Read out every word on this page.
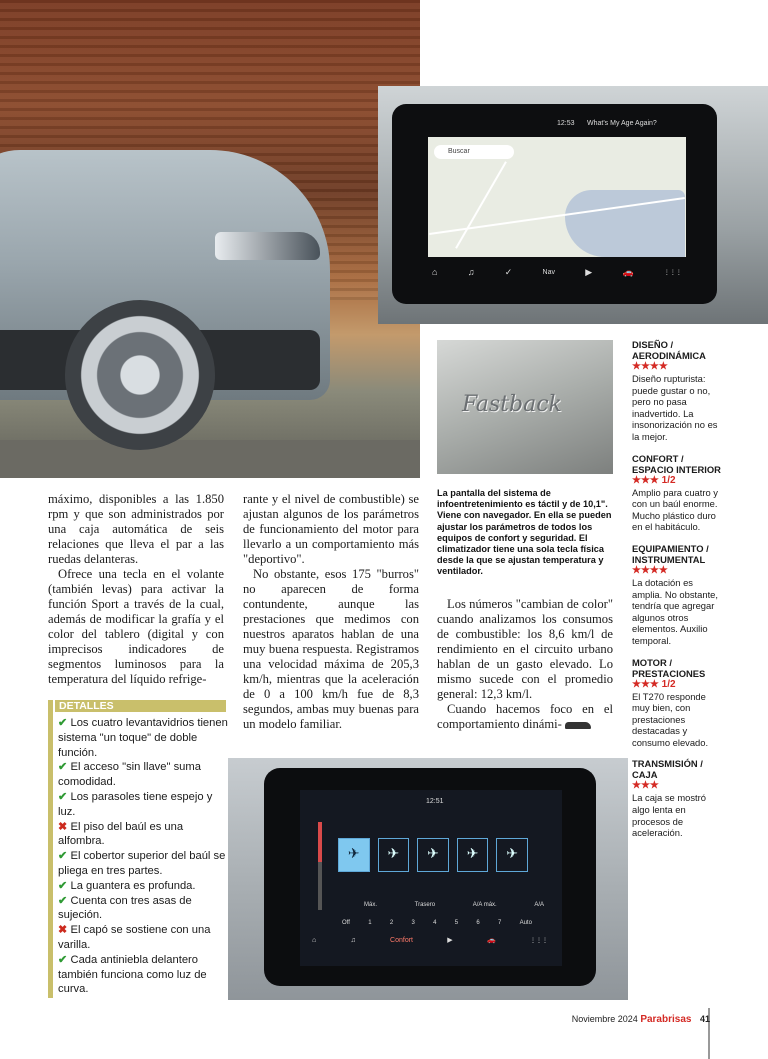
12:53 What's My Age Again?
Buscar
⌂	♫	✓	Nav	▶	🚗	⋮⋮⋮
Fastback
La pantalla del sistema de infoentretenimiento es táctil y de 10,1". Viene con navegador. En ella se pueden ajustar los parámetros de todos los equipos de confort y seguridad. El climatizador tiene una sola tecla física desde la que se ajustan temperatura y ventilador.

máximo, disponibles a las 1.850 rpm y que son administrados por una caja automática de seis relaciones que lleva el par a las ruedas delanteras.

Ofrece una tecla en el volante (también levas) para activar la función Sport a través de la cual, además de modificar la grafía y el color del tablero (digital y con imprecisos indicadores de segmentos luminosos para la temperatura del líquido refrige-

rante y el nivel de combustible) se ajustan algunos de los parámetros de funcionamiento del motor para llevarlo a un comportamiento más "deportivo".

No obstante, esos 175 "burros" no aparecen de forma contundente, aunque las prestaciones que medimos con nuestros aparatos hablan de una muy buena respuesta. Registramos una velocidad máxima de 205,3 km/h, mientras que la aceleración de 0 a 100 km/h fue de 8,3 segundos, ambas muy buenas para un modelo familiar.

Los números "cambian de color" cuando analizamos los consumos de combustible: los 8,6 km/l de rendimiento en el circuito urbano hablan de un gasto elevado. Lo mismo sucede con el promedio general: 12,3 km/l.

Cuando hacemos foco en el comportamiento dinámi-

12:51
✈	✈	✈	✈	✈
Máx.	Trasero	A/A máx.	A/A
Off	1	2	3	4	5	6	7	Auto
⌂	♫	Confort	▶	🚗	⋮⋮⋮
DETALLES

✔ Los cuatro levantavidrios tienen sistema "un toque" de doble función.

✔ El acceso "sin llave" suma comodidad.

✔ Los parasoles tiene espejo y luz.

✖ El piso del baúl es una alfombra.

✔ El cobertor superior del baúl se pliega en tres partes.

✔ La guantera es profunda.

✔ Cuenta con tres asas de sujeción.

✖ El capó se sostiene con una varilla.

✔ Cada antiniebla delantero también funciona como luz de curva.

DISEÑO / AERODINÁMICA
★★★★
Diseño rupturista: puede gustar o no, pero no pasa inadvertido. La insonorización no es la mejor.
CONFORT / ESPACIO INTERIOR
★★★ 1/2
Amplio para cuatro y con un baúl enorme. Mucho plástico duro en el habitáculo.
EQUIPAMIENTO / INSTRUMENTAL
★★★★
La dotación es amplia. No obstante, tendría que agregar algunos otros elementos. Auxilio temporal.
MOTOR / PRESTACIONES
★★★ 1/2
El T270 responde muy bien, con prestaciones destacadas y consumo elevado.
TRANSMISIÓN / CAJA
★★★
La caja se mostró algo lenta en procesos de aceleración.
Noviembre 2024 Parabrisas 41
